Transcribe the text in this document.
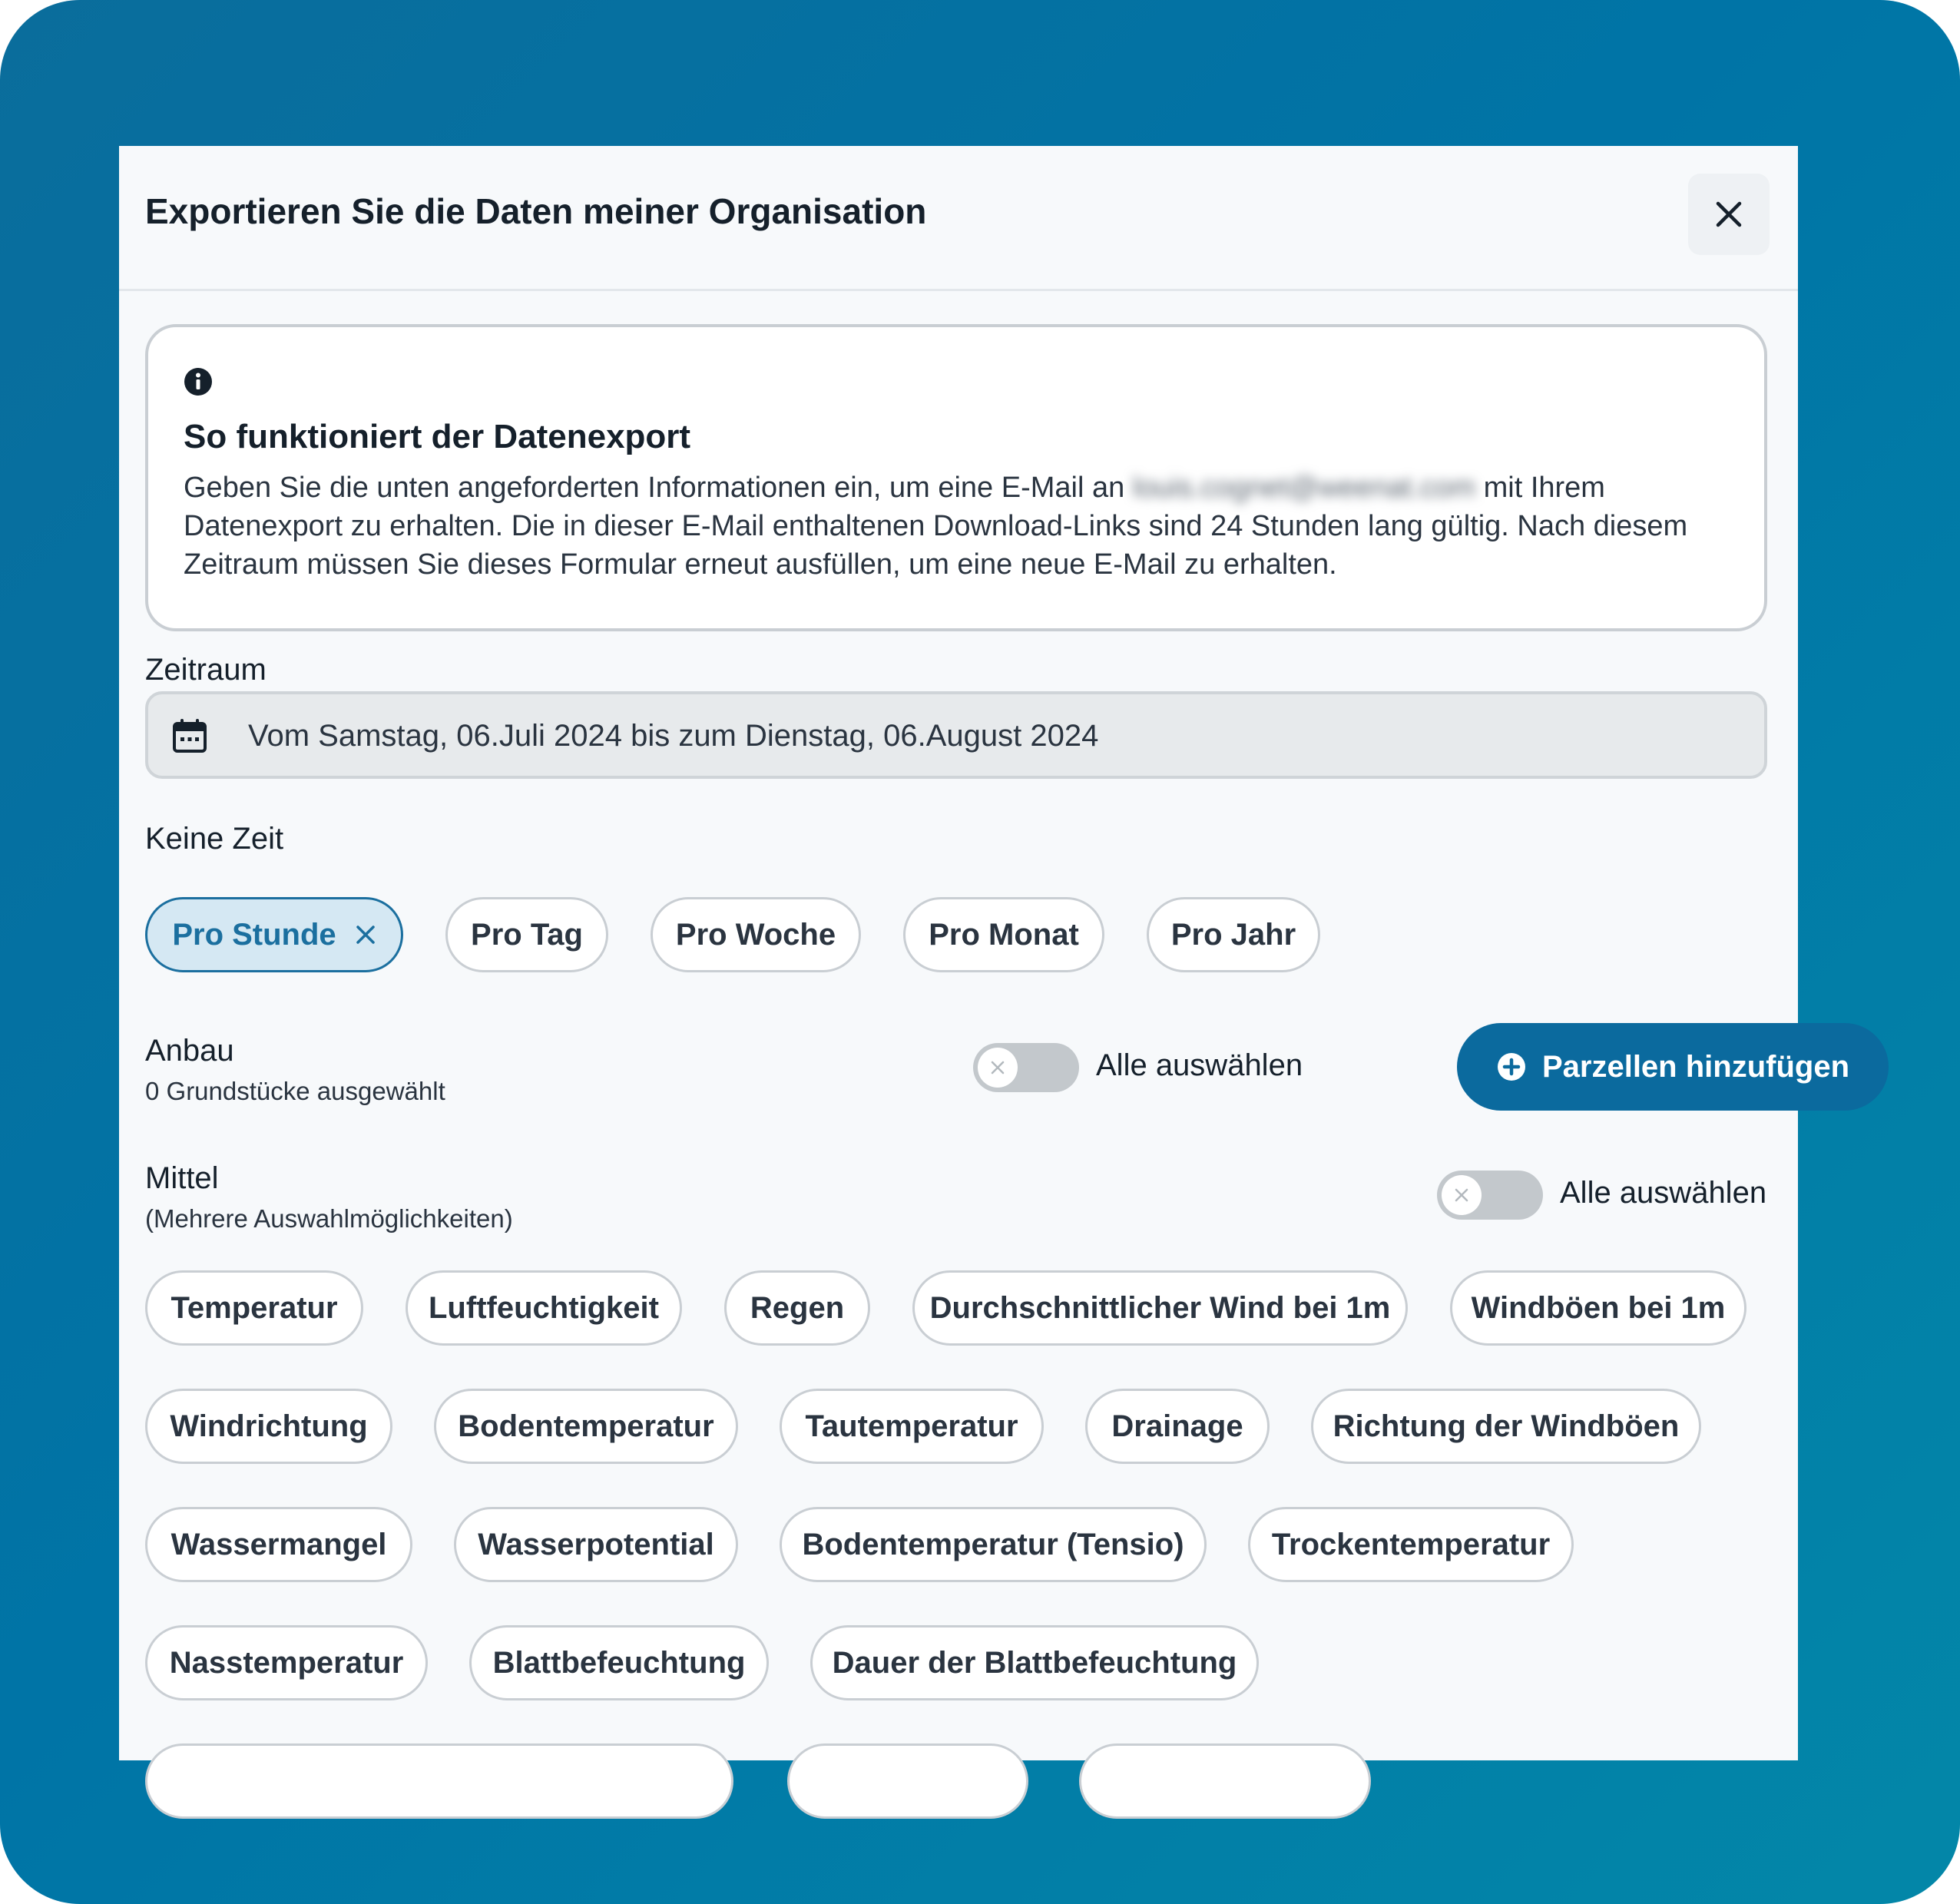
Exportieren Sie die Daten meiner Organisation
So funktioniert der Datenexport
Geben Sie die unten angeforderten Informationen ein, um eine E-Mail an louis.cognet@weenat.com mit Ihrem Datenexport zu erhalten. Die in dieser E-Mail enthaltenen Download-Links sind 24 Stunden lang gültig. Nach diesem Zeitraum müssen Sie dieses Formular erneut ausfüllen, um eine neue E-Mail zu erhalten.
Zeitraum
Vom Samstag, 06.Juli 2024 bis zum Dienstag, 06.August 2024
Keine Zeit
Pro Stunde	Pro Tag	Pro Woche	Pro Monat	Pro Jahr
Anbau
0 Grundstücke ausgewählt
Alle auswählen	Parzellen hinzufügen
Mittel
(Mehrere Auswahlmöglichkeiten)
Alle auswählen
Temperatur	Luftfeuchtigkeit	Regen	Durchschnittlicher Wind bei 1m	Windböen bei 1m
Windrichtung	Bodentemperatur	Tautemperatur	Drainage	Richtung der Windböen
Wassermangel	Wasserpotential	Bodentemperatur (Tensio)	Trockentemperatur
Nasstemperatur	Blattbefeuchtung	Dauer der Blattbefeuchtung
